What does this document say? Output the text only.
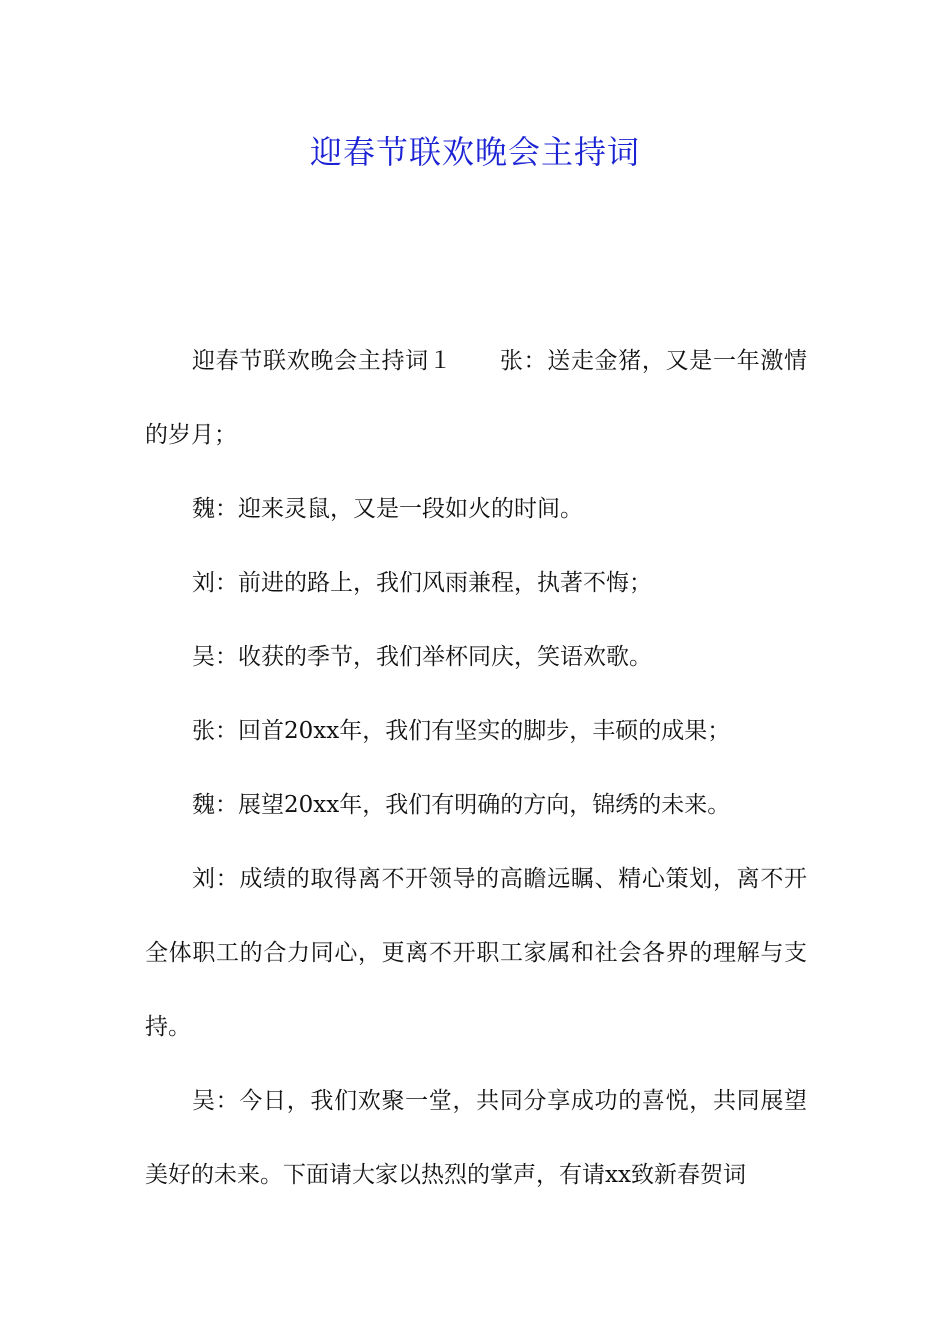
迎春节联欢晚会主持词

迎春节联欢晚会主持词１　　张：送走金猪，又是一年激情的岁月；

魏：迎来灵鼠，又是一段如火的时间。

刘：前进的路上，我们风雨兼程，执著不悔；

吴：收获的季节，我们举杯同庆，笑语欢歌。

张：回首20xx年，我们有坚实的脚步，丰硕的成果；

魏：展望20xx年，我们有明确的方向，锦绣的未来。

刘：成绩的取得离不开领导的高瞻远瞩、精心策划，离不开全体职工的合力同心，更离不开职工家属和社会各界的理解与支持。

吴：今日，我们欢聚一堂，共同分享成功的喜悦，共同展望美好的未来。下面请大家以热烈的掌声，有请xx致新春贺词
